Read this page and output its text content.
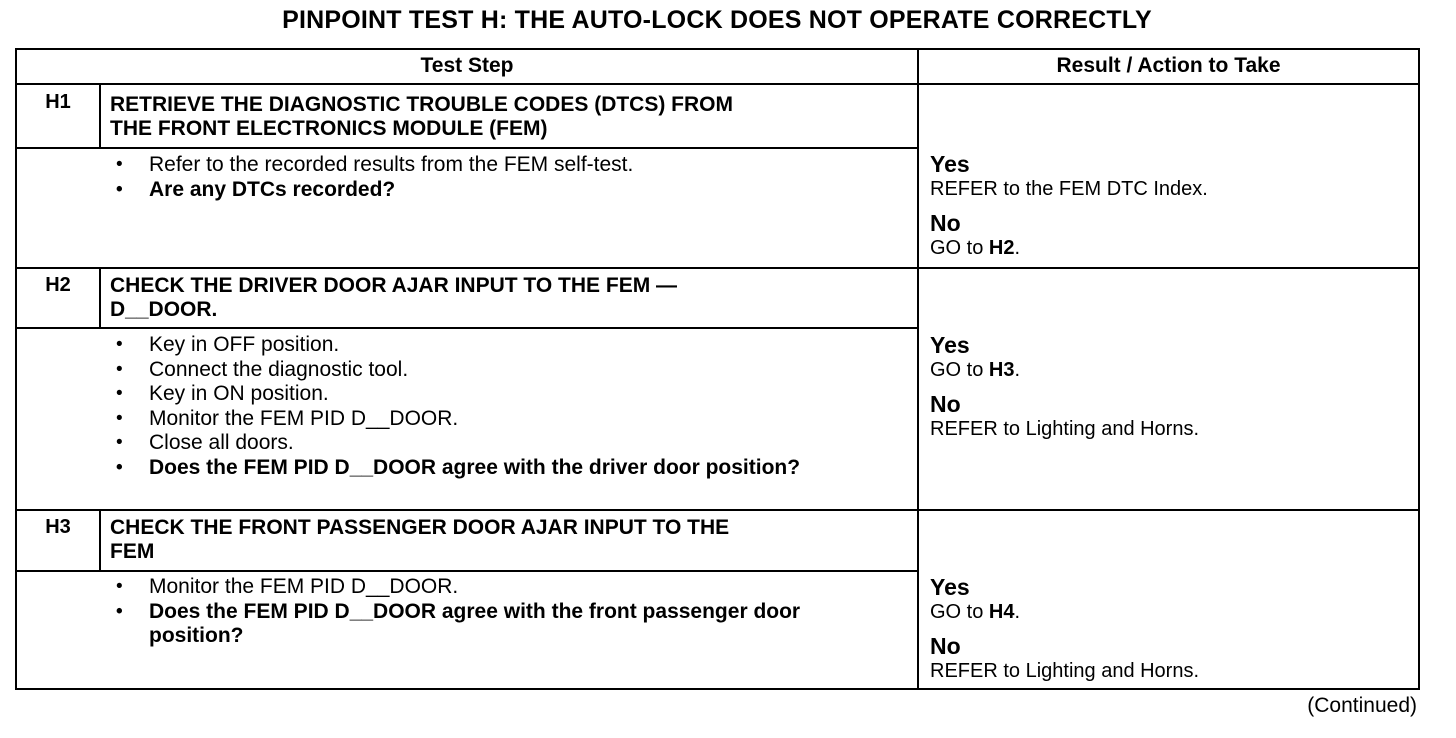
PINPOINT TEST H: THE AUTO-LOCK DOES NOT OPERATE CORRECTLY
Test Step	Result / Action to Take
H1	RETRIEVE THE DIAGNOSTIC TROUBLE CODES (DTCS) FROM
THE FRONT ELECTRONICS MODULE (FEM)
• Refer to the recorded results from the FEM self-test.
• Are any DTCs recorded?
Yes
REFER to the FEM DTC Index.
No
GO to H2.
H2	CHECK THE DRIVER DOOR AJAR INPUT TO THE FEM —
D__DOOR.
• Key in OFF position.
• Connect the diagnostic tool.
• Key in ON position.
• Monitor the FEM PID D__DOOR.
• Close all doors.
• Does the FEM PID D__DOOR agree with the driver door position?
Yes
GO to H3.
No
REFER to Lighting and Horns.
H3	CHECK THE FRONT PASSENGER DOOR AJAR INPUT TO THE
FEM
• Monitor the FEM PID D__DOOR.
• Does the FEM PID D__DOOR agree with the front passenger door position?
Yes
GO to H4.
No
REFER to Lighting and Horns.
(Continued)
